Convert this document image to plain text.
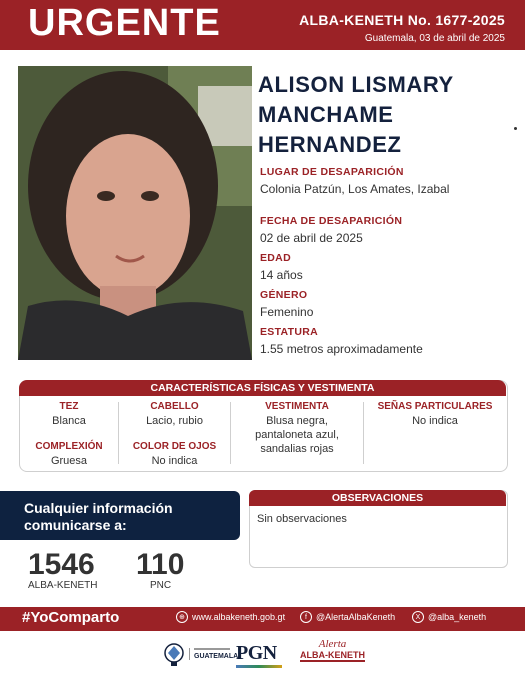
URGENTE	ALBA-KENETH No. 1677-2025
Guatemala, 03 de abril de 2025
ALISON LISMARY
MANCHAME
HERNANDEZ
LUGAR DE DESAPARICIÓN
Colonia Patzún, Los Amates, Izabal
FECHA DE DESAPARICIÓN
02 de abril de 2025
EDAD
14 años
GÉNERO
Femenino
ESTATURA
1.55 metros aproximadamente
CARACTERÍSTICAS FÍSICAS Y VESTIMENTA
TEZ
Blanca
COMPLEXIÓN
Gruesa
CABELLO
Lacio, rubio
COLOR DE OJOS
No indica
VESTIMENTA
Blusa negra,
pantaloneta azul,
sandalias rojas
SEÑAS PARTICULARES
No indica
Cualquier información
comunicarse a:
1546
ALBA-KENETH
110
PNC
OBSERVACIONES
Sin observaciones
#YoComparto	⊕ www.albakeneth.gob.gt	f	@AlertaAlbaKeneth	X @alba_keneth
GUATEMALA
PGN	Alerta
ALBA-KENETH
